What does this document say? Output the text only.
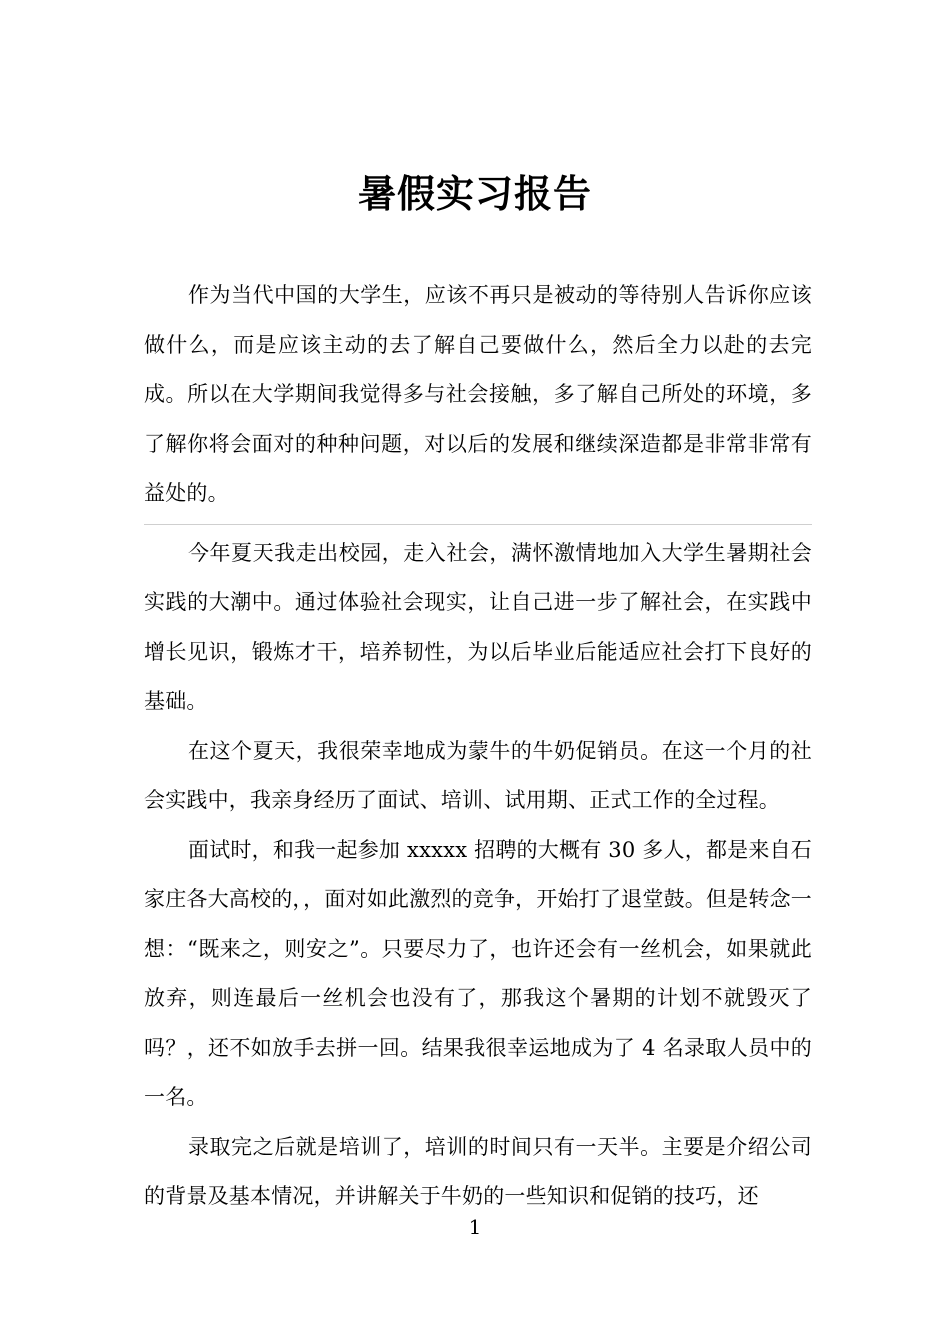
暑假实习报告

作为当代中国的大学生，应该不再只是被动的等待别人告诉你应该做什么，而是应该主动的去了解自己要做什么，然后全力以赴的去完成。所以在大学期间我觉得多与社会接触，多了解自己所处的环境，多了解你将会面对的种种问题，对以后的发展和继续深造都是非常非常有益处的。

今年夏天我走出校园，走入社会，满怀激情地加入大学生暑期社会实践的大潮中。通过体验社会现实，让自己进一步了解社会，在实践中增长见识，锻炼才干，培养韧性，为以后毕业后能适应社会打下良好的基础。

在这个夏天，我很荣幸地成为蒙牛的牛奶促销员。在这一个月的社会实践中，我亲身经历了面试、培训、试用期、正式工作的全过程。

面试时，和我一起参加 xxxxx 招聘的大概有 30 多人，都是来自石家庄各大高校的，，面对如此激烈的竞争，开始打了退堂鼓。但是转念一想：“既来之，则安之”。只要尽力了，也许还会有一丝机会，如果就此放弃，则连最后一丝机会也没有了，那我这个暑期的计划不就毁灭了吗？，还不如放手去拼一回。结果我很幸运地成为了 4 名录取人员中的一名。

录取完之后就是培训了，培训的时间只有一天半。主要是介绍公司的背景及基本情况，并讲解关于牛奶的一些知识和促销的技巧，还

1
